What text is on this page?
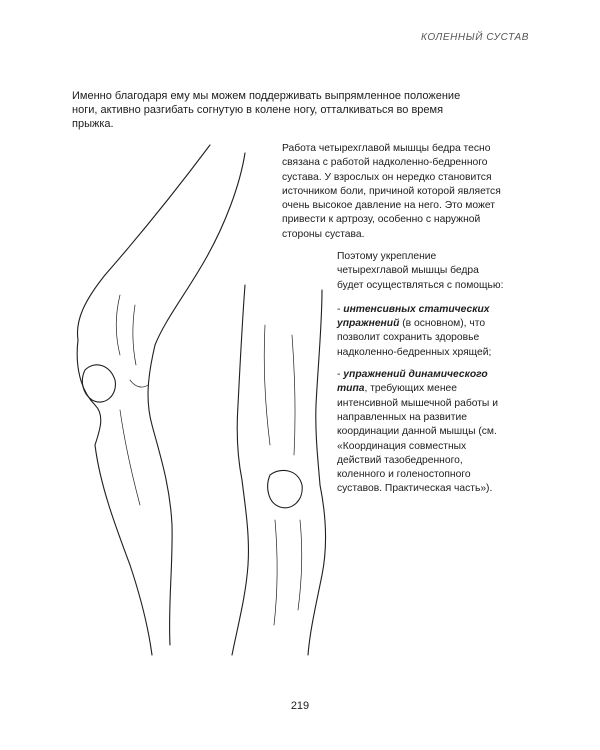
КОЛЕННЫЙ СУСТАВ

Именно благодаря ему мы можем поддерживать выпрямленное положение ноги, активно разгибать согнутую в колене ногу, отталкиваться во время прыжка.

Работа четырехглавой мышцы бедра тесно связана с работой надколенно-бедренного сустава. У взрослых он нередко становится источником боли, причиной которой является очень высокое давление на него. Это может привести к артрозу, особенно с наружной стороны сустава.

Поэтому укрепление четырехглавой мышцы бедра будет осуществляться с помощью:

- интенсивных статических упражнений (в основном), что позволит сохранить здоровье надколенно-бедренных хрящей;

- упражнений динамического типа, требующих менее интенсивной мышечной работы и направленных на развитие координации данной мышцы (см. «Координация совместных действий тазобедренного, коленного и голеностопного суставов. Практическая часть»).

219
